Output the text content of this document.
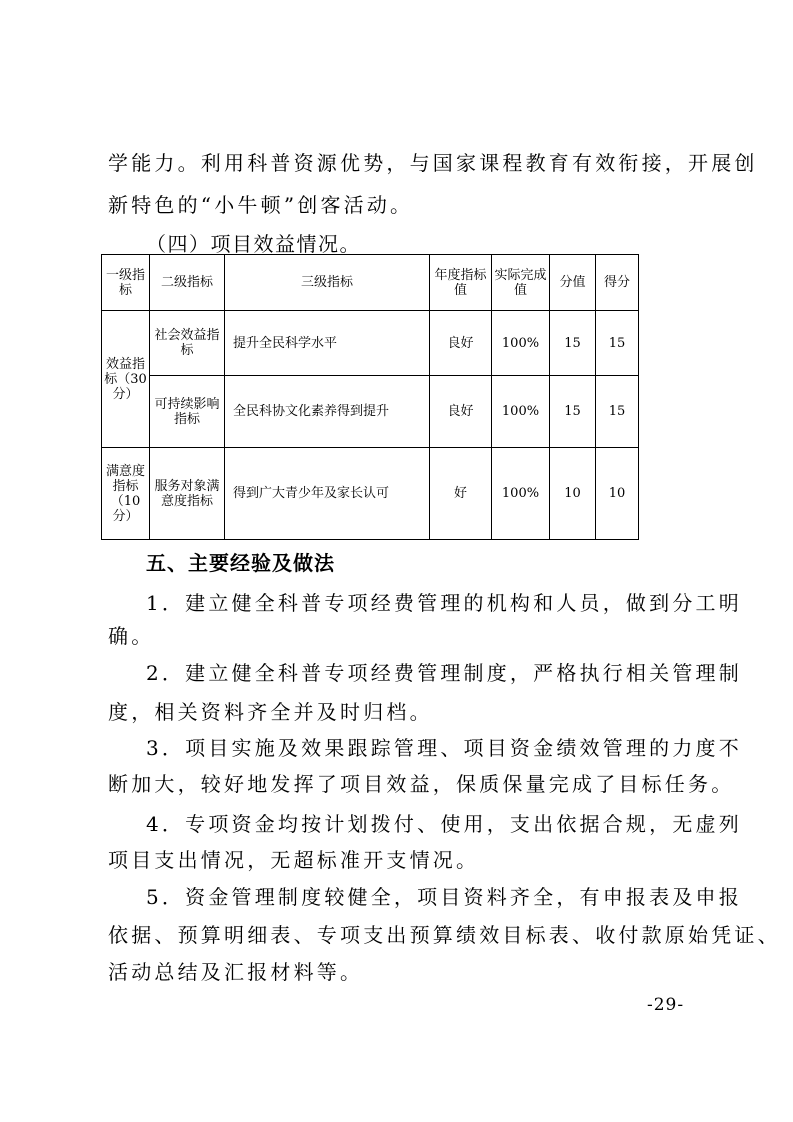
学能力。利用科普资源优势，与国家课程教育有效衔接，开展创
新特色的“小牛顿”创客活动。
（四）项目效益情况。
一级指标	二级指标	三级指标	年度指标值	实际完成值	分值	得分
效益指标（30分）	社会效益指标	提升全民科学水平	良好	100%	15	15
	可持续影响指标	全民科协文化素养得到提升	良好	100%	15	15
满意度指标（10分）	服务对象满意度指标	得到广大青少年及家长认可	好	100%	10	10
五、主要经验及做法
1．建立健全科普专项经费管理的机构和人员，做到分工明
确。
2．建立健全科普专项经费管理制度，严格执行相关管理制
度，相关资料齐全并及时归档。
3．项目实施及效果跟踪管理、项目资金绩效管理的力度不
断加大，较好地发挥了项目效益，保质保量完成了目标任务。
4．专项资金均按计划拨付、使用，支出依据合规，无虚列
项目支出情况，无超标准开支情况。
5．资金管理制度较健全，项目资料齐全，有申报表及申报
依据、预算明细表、专项支出预算绩效目标表、收付款原始凭证、
活动总结及汇报材料等。
-29-
